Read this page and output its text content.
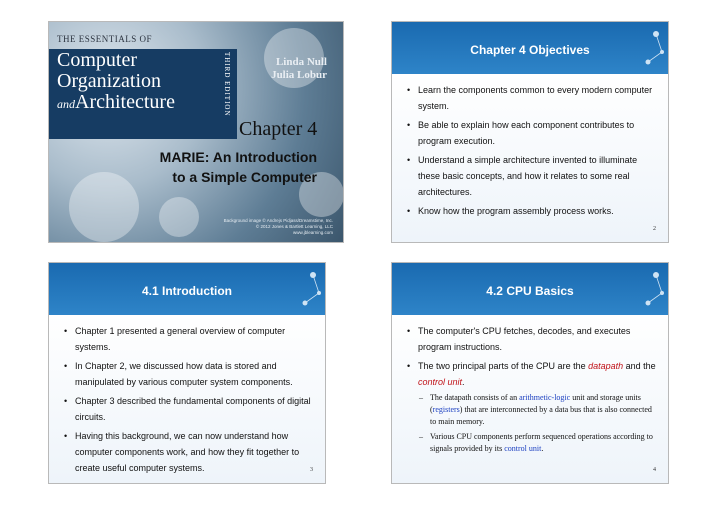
THE ESSENTIALS OF
Computer
Organization
andArchitecture	THIRD EDITION	Linda Null
Julia Lobur
Chapter 4
MARIE: An Introduction
to a Simple Computer
Background image © Andrejs Pidjass/Dreamstime, Inc.
© 2012 Jones & Bartlett Learning, LLC
www.jblearning.com
Chapter 4 Objectives
• Learn the components common to every modern computer system.
• Be able to explain how each component contributes to program execution.
• Understand a simple architecture invented to illuminate these basic concepts, and how it relates to some real architectures.
• Know how the program assembly process works.
2
4.1 Introduction
• Chapter 1 presented a general overview of computer systems.
• In Chapter 2, we discussed how data is stored and manipulated by various computer system components.
• Chapter 3 described the fundamental components of digital circuits.
• Having this background, we can now understand how computer components work, and how they fit together to create useful computer systems.	3
4.2 CPU Basics
• The computer's CPU fetches, decodes, and executes program instructions.
• The two principal parts of the CPU are the datapath and the control unit.
– The datapath consists of an arithmetic-logic unit and storage units (registers) that are interconnected by a data bus that is also connected to main memory.
– Various CPU components perform sequenced operations according to signals provided by its control unit.
4
